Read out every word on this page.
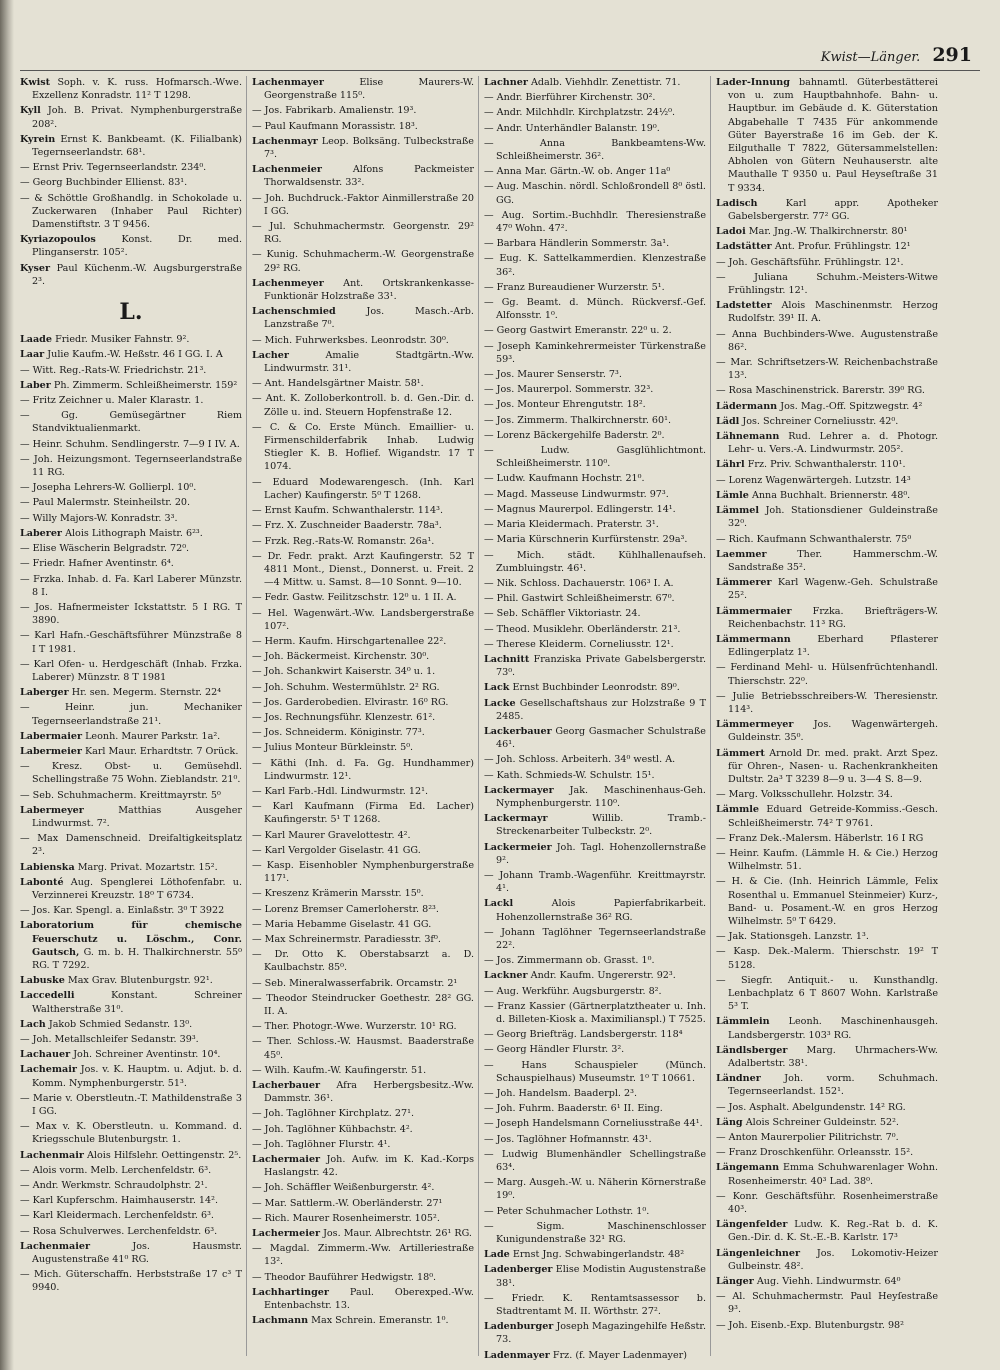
Kwist—Länger. 291
Kwist Soph. v. K. russ. Hofmarsch.-Wwe. Exzellenz Konradstr. 11² T 1298.
Kyll Joh. B. Privat. Nymphenburgerstraße 208².
Kyrein Ernst K. Bankbeamt. (K. Filialbank) Tegernseerlandstr. 68¹.
— Ernst Priv. Tegernseerlandstr. 234⁰.
— Georg Buchbinder Ellienst. 83¹.
— & Schöttle Großhandlg. in Schokolade u. Zuckerwaren (Inhaber Paul Richter) Damenstiftstr. 3 T 9456.
Kyriazopoulos	Konst. Dr. med. Plinganserstr. 105².
Kyser Paul Küchenm.-W. Augsburgerstraße 2³.
L.
Laade Friedr. Musiker Fahnstr. 9².
Laar Julie Kaufm.-W. Heßstr. 46 I GG. I. A
— Witt. Reg.-Rats-W. Friedrichstr. 21³.
Laber Ph. Zimmerm. Schleißheimerstr. 159²
— Fritz Zeichner u. Maler Klarastr. 1.
— Gg. Gemüsegärtner Riem Standviktualienmarkt.
— Heinr. Schuhm. Sendlingerstr. 7—9 I IV. A.
— Joh. Heizungsmont. Tegernseerlandstraße 11 RG.
— Josepha Lehrers-W. Gollierpl. 10⁰.
— Paul Malermstr. Steinheilstr. 20.
— Willy Majors-W. Konradstr. 3³.
Laberer Alois Lithograph Maistr. 6²³.
— Elise Wäscherin Belgradstr. 72⁰.
— Friedr. Hafner Aventinstr. 6⁴.
— Frzka. Inhab. d. Fa. Karl Laberer Münzstr. 8 I.
— Jos. Hafnermeister Ickstattstr. 5 I RG. T 3890.
— Karl Hafn.-Geschäftsführer Münzstraße 8 I T 1981.
— Karl Ofen- u. Herdgeschäft (Inhab. Frzka. Laberer) Münzstr. 8 T 1981
Laberger Hr. sen. Megerm. Sternstr. 22⁴
— Heinr. jun. Mechaniker Tegernseerlandstraße 21¹.
Labermaier Leonh. Maurer Parkstr. 1a².
Labermeier Karl Maur. Erhardtstr. 7 Orück.
— Kresz. Obst- u. Gemüsehdl. Schellingstraße 75 Wohn. Zieblandstr. 21⁰.
— Seb. Schuhmacherm. Kreittmayrstr. 5⁰
Labermeyer	Matthias Ausgeher Lindwurmst. 7².
— Max Damenschneid. Dreifaltigkeitsplatz 2³.
Labienska Marg. Privat. Mozartstr. 15².
Labonté Aug. Spenglerei Löthofenfabr. u. Verzinnerei Kreuzstr. 18⁰ T 6734.
— Jos. Kar. Spengl. a. Einlaßstr. 3⁰ T 3922
Laboratorium für chemische Feuerschutz u. Löschm., Conr. Gautsch, G. m. b. H. Thalkirchnerstr. 55⁰ RG. T 7292.
Labuske Max Grav. Blutenburgstr. 92¹.
Laccedelli	Konstant. Schreiner Waltherstraße 31⁰.
Lach Jakob Schmied Sedanstr. 13⁰.
— Joh. Metallschleifer Sedanstr. 39³.
Lachauer Joh. Schreiner Aventinstr. 10⁴.
Lachemair Jos. v. K. Hauptm. u. Adjut. b. d. Komm. Nymphenburgerstr. 51³.
— Marie v. Oberstleutn.-T. Mathildenstraße 3 I GG.
— Max v. K. Oberstleutn. u. Kommand. d. Kriegsschule Blutenburgstr. 1.
Lachenmair Alois Hilfslehr. Oettingenstr. 2⁵.
— Alois vorm. Melb. Lerchenfeldstr. 6³.
— Andr. Werkmstr. Schraudolphstr. 2¹.
— Karl Kupferschm. Haimhauserstr. 14².
— Karl Kleidermach. Lerchenfeldstr. 6³.
— Rosa Schulverwes. Lerchenfeldstr. 6³.
Lachenmaier	Jos. Hausmstr. Augustenstraße 41⁰ RG.
— Mich. Güterschaffn. Herbststraße 17 c³ T 9940.
Lachenmayer	Elise Maurers-W. Georgenstraße 115⁰.
— Jos. Fabrikarb. Amalienstr. 19³.
— Paul Kaufmann Morassistr. 18³.
Lachenmayr Leop. Bolksäng. Tulbeckstraße 7³.
Lachenmeier	Alfons Packmeister Thorwaldsenstr. 33².
— Joh. Buchdruck.-Faktor Ainmillerstraße 20 I GG.
— Jul. Schuhmachermstr. Georgenstr. 29² RG.
— Kunig. Schuhmacherm.-W. Georgenstraße 29² RG.
Lachenmeyer Ant. Ortskrankenkasse-Funktionär Holzstraße 33¹.
Lachenschmied	Jos. Masch.-Arb. Lanzstraße 7⁰.
— Mich. Fuhrwerksbes. Leonrodstr. 30⁰.
Lacher	Amalie Stadtgärtn.-Ww. Lindwurmstr. 31¹.
— Ant. Handelsgärtner Maistr. 58¹.
— Ant. K. Zolloberkontroll. b. d. Gen.-Dir. d. Zölle u. ind. Steuern Hopfenstraße 12.
— C. & Co. Erste Münch. Emaillier- u. Firmenschilderfabrik Inhab. Ludwig Stiegler K. B. Hoflief. Wigandstr. 17 T 1074.
— Eduard Modewarengesch. (Inh. Karl Lacher) Kaufingerstr. 5⁰ T 1268.
— Ernst Kaufm. Schwanthalerstr. 114³.
— Frz. X. Zuschneider Baaderstr. 78a³.
— Frzk. Reg.-Rats-W. Romanstr. 26a¹.
— Dr. Fedr. prakt. Arzt Kaufingerstr. 52 T 4811 Mont., Dienst., Donnerst. u. Freit. 2—4 Mittw. u. Samst. 8—10 Sonnt. 9—10.
— Fedr. Gastw. Feilitzschstr. 12⁰ u. 1 II. A.
— Hel. Wagenwärt.-Ww. Landsbergerstraße 107².
— Herm. Kaufm. Hirschgartenallee 22².
— Joh. Bäckermeist. Kirchenstr. 30⁰.
— Joh. Schankwirt Kaiserstr. 34⁰ u. 1.
— Joh. Schuhm. Westermühlstr. 2² RG.
— Jos. Garderobedien. Elvirastr. 16⁰ RG.
— Jos. Rechnungsführ. Klenzestr. 61².
— Jos. Schneiderm. Königinstr. 77³.
— Julius Monteur Bürkleinstr. 5⁰.
— Käthi (Inh. d. Fa. Gg. Hundhammer) Lindwurmstr. 12¹.
— Karl Farb.-Hdl. Lindwurmstr. 12¹.
— Karl Kaufmann (Firma Ed. Lacher) Kaufingerstr. 5¹ T 1268.
— Karl Maurer Gravelottestr. 4².
— Karl Vergolder Giselastr. 41 GG.
— Kasp. Eisenhobler Nymphenburgerstraße 117¹.
— Kreszenz Krämerin Marsstr. 15⁰.
— Lorenz Bremser Camerloherstr. 8²³.
— Maria Hebamme Giselastr. 41 GG.
— Max Schreinermstr. Paradiesstr. 3f⁰.
— Dr. Otto K. Oberstabsarzt a. D. Kaulbachstr. 85⁰.
— Seb. Mineralwasserfabrik. Orcamstr. 2¹
— Theodor Steindrucker Goethestr. 28² GG. II. A.
— Ther. Photogr.-Wwe. Wurzerstr. 10¹ RG.
— Ther. Schloss.-W. Hausmst. Baaderstraße 45⁰.
— Wilh. Kaufm.-W. Kaufingerstr. 51.
Lacherbauer Afra Herbergsbesitz.-Ww. Dammstr. 36¹.
— Joh. Taglöhner Kirchplatz. 27¹.
— Joh. Taglöhner Kühbachstr. 4².
— Joh. Taglöhner Flurstr. 4¹.
Lachermaier Joh. Aufw. im K. Kad.-Korps Haslangstr. 42.
— Joh. Schäffler Weißenburgerstr. 4².
— Mar. Sattlerm.-W. Oberländerstr. 27¹
— Rich. Maurer Rosenheimerstr. 105².
Lachermeier Jos. Maur. Albrechtstr. 26¹ RG.
— Magdal. Zimmerm.-Ww. Artilleriestraße 13².
— Theodor Bauführer Hedwigstr. 18⁰.
Lachhartinger Paul. Oberexped.-Ww. Entenbachstr. 13.
Lachmann Max Schrein. Emeranstr. 1⁰.
Lachner Adalb. Viehhdlr. Zenettistr. 71.
— Andr. Bierführer Kirchenstr. 30².
— Andr. Milchhdlr. Kirchplatzstr. 24½⁰.
— Andr. Unterhändler Balanstr. 19⁰.
— Anna Bankbeamtens-Ww. Schleißheimerstr. 36².
— Anna Mar. Gärtn.-W. ob. Anger 11a⁰
— Aug. Maschin. nördl. Schloßrondell 8⁰ östl. GG.
— Aug. Sortim.-Buchhdlr. Theresienstraße 47⁰ Wohn. 47².
— Barbara Händlerin Sommerstr. 3a¹.
— Eug. K. Sattelkammerdien. Klenzestraße 36².
— Franz Bureaudiener Wurzerstr. 5¹.
— Gg. Beamt. d. Münch. Rückversf.-Gef. Alfonsstr. 1⁰.
— Georg Gastwirt Emeranstr. 22⁰ u. 2.
— Joseph Kaminkehrermeister Türkenstraße 59³.
— Jos. Maurer Senserstr. 7³.
— Jos. Maurerpol. Sommerstr. 32³.
— Jos. Monteur Ehrengutstr. 18².
— Jos. Zimmerm. Thalkirchnerstr. 60¹.
— Lorenz Bäckergehilfe Baderstr. 2⁰.
— Ludw. Gasglühlichtmont. Schleißheimerstr. 110⁰.
— Ludw. Kaufmann Hochstr. 21⁰.
— Magd. Masseuse Lindwurmstr. 97³.
— Magnus Maurerpol. Edlingerstr. 14¹.
— Maria Kleidermach. Praterstr. 3¹.
— Maria Kürschnerin Kurfürstenstr. 29a³.
— Mich. städt. Kühlhallenaufseh. Zumbluingstr. 46¹.
— Nik. Schloss. Dachauerstr. 106³ I. A.
— Phil. Gastwirt Schleißheimerstr. 67⁰.
— Seb. Schäffler Viktoriastr. 24.
— Theod. Musiklehr. Oberländerstr. 21³.
— Therese Kleiderm. Corneliusstr. 12¹.
Lachnitt Franziska Private Gabelsbergerstr. 73⁰.
Lack Ernst Buchbinder Leonrodstr. 89⁰.
Lacke Gesellschaftshaus zur Holzstraße 9 T 2485.
Lackerbauer Georg Gasmacher Schulstraße 46¹.
— Joh. Schloss. Arbeiterh. 34⁰ westl. A.
— Kath. Schmieds-W. Schulstr. 15¹.
Lackermayer Jak. Maschinenhaus-Geh. Nymphenburgerstr. 110⁰.
Lackermayr	Willib. Tramb.-Streckenarbeiter Tulbeckstr. 2⁰.
Lackermeier Joh. Tagl. Hohenzollernstraße 9².
— Johann Tramb.-Wagenführ. Kreittmayrstr. 4¹.
Lackl	Alois Papierfabrikarbeit. Hohenzollernstraße 36² RG.
— Johann Taglöhner Tegernseerlandstraße 22².
— Jos. Zimmermann ob. Grasst. 1⁰.
Lackner Andr. Kaufm. Ungererstr. 92³.
— Aug. Werkführ. Augsburgerstr. 8².
— Franz Kassier (Gärtnerplatztheater u. Inh. d. Billeten-Kiosk a. Maximilianspl.) T 7525.
— Georg Briefträg. Landsbergerstr. 118⁴
— Georg Händler Flurstr. 3².
— Hans Schauspieler (Münch. Schauspielhaus) Museumstr. 1⁰ T 10661.
— Joh. Handelsm. Baaderpl. 2³.
— Joh. Fuhrm. Baaderstr. 6¹ II. Eing.
— Joseph Handelsmann Corneliusstraße 44¹.
— Jos. Taglöhner Hofmannstr. 43¹.
— Ludwig Blumenhändler Schellingstraße 63⁴.
— Marg. Ausgeh.-W. u. Näherin Körnerstraße 19⁰.
— Peter Schuhmacher Lothstr. 1⁰.
— Sigm. Maschinenschlosser Kunigundenstraße 32¹ RG.
Lade Ernst Jng. Schwabingerlandstr. 48²
Ladenberger Elise Modistin Augustenstraße 38¹.
— Friedr. K. Rentamtsassessor b. Stadtrentamt M. II. Wörthstr. 27².
Ladenburger Joseph Magazingehilfe Heßstr. 73.
Ladenmayer Frz. (f. Mayer Ladenmayer)
Lader-Innung bahnamtl. Güterbestätterei von u. zum Hauptbahnhofe. Bahn- u. Hauptbur. im Gebäude d. K. Güterstation Abgabehalle T 7435 Für ankommende Güter Bayerstraße 16 im Geb. der K. Eilguthalle T 7822, Gütersammelstellen: Abholen von Gütern Neuhauserstr. alte Mauthalle T 9350 u. Paul Heyseſtraße 31 T 9334.
Ladisch	Karl appr. Apotheker Gabelsbergerstr. 77² GG.
Ladoi Mar. Jng.-W. Thalkirchnerstr. 80¹
Ladstätter Ant. Profur. Frühlingstr. 12¹
— Joh. Geschäftsführ. Frühlingstr. 12¹.
— Juliana Schuhm.-Meisters-Witwe Frühlingstr. 12¹.
Ladstetter Alois Maschinenmstr. Herzog Rudolfstr. 39¹ II. A.
— Anna Buchbinders-Wwe. Augustenstraße 86².
— Mar. Schriftsetzers-W. Reichenbachstraße 13³.
— Rosa Maschinenstrick. Barerstr. 39⁰ RG.
Lädermann Jos. Mag.-Off. Spitzwegstr. 4²
Lädl Jos. Schreiner Corneliusstr. 42⁰.
Lähnemann Rud. Lehrer a. d. Photogr. Lehr- u. Vers.-A. Lindwurmstr. 205².
Lährl Frz. Priv. Schwanthalerstr. 110¹.
— Lorenz Wagenwärtergeh. Lutzstr. 14³
Lämle Anna Buchhalt. Briennerstr. 48⁰.
Lämmel Joh. Stationsdiener Guldeinstraße 32⁰.
— Rich. Kaufmann Schwanthalerstr. 75⁰
Laemmer	Ther. Hammerschm.-W. Sandstraße 35².
Lämmerer Karl Wagenw.-Geh. Schulstraße 25².
Lämmermaier Frzka. Briefträgers-W. Reichenbachstr. 11³ RG.
Lämmermann	Eberhard Pflasterer Edlingerplatz 1³.
— Ferdinand Mehl- u. Hülsenfrüchtenhandl. Thierschstr. 22⁰.
— Julie Betriebsschreibers-W. Theresienstr. 114³.
Lämmermeyer Jos. Wagenwärtergeh. Guldeinstr. 35⁰.
Lämmert Arnold Dr. med. prakt. Arzt Spez. für Ohren-, Nasen- u. Rachenkrankheiten Dultstr. 2a³ T 3239 8—9 u. 3—4 S. 8—9.
— Marg. Volksschullehr. Holzstr. 34.
Lämmle Eduard Getreide-Kommiss.-Gesch. Schleißheimerstr. 74² T 9761.
— Franz Dek.-Malersm. Häberlstr. 16 I RG
— Heinr. Kaufm. (Lämmle H. & Cie.) Herzog Wilhelmstr. 51.
— H. & Cie. (Inh. Heinrich Lämmle, Felix Rosenthal u. Emmanuel Steinmeier) Kurz-, Band- u. Posament.-W. en gros Herzog Wilhelmstr. 5⁰ T 6429.
— Jak. Stationsgeh. Lanzstr. 1³.
— Kasp. Dek.-Malerm. Thierschstr. 19² T 5128.
— Siegfr. Antiquit.- u. Kunsthandlg. Lenbachplatz 6 T 8607 Wohn. Karlstraße 5³ T.
Lämmlein Leonh. Maschinenhausgeh. Landsbergerstr. 103³ RG.
Ländlsberger Marg. Uhrmachers-Ww. Adalbertstr. 38¹.
Ländner Joh. vorm. Schuhmach. Tegernseerlandst. 152¹.
— Jos. Asphalt. Abelgundenstr. 14² RG.
Läng Alois Schreiner Guldeinstr. 52².
— Anton Maurerpolier Pilitrichstr. 7⁰.
— Franz Droschkenführ. Orleansstr. 15².
Längemann Emma Schuhwarenlager Wohn. Rosenheimerstr. 40³ Lad. 38⁰.
— Konr. Geschäftsführ. Rosenheimerstraße 40³.
Längenfelder Ludw. K. Reg.-Rat b. d. K. Gen.-Dir. d. K. St.-E.-B. Karlstr. 17³
Längenleichner Jos. Lokomotiv-Heizer Gulbeinstr. 48².
Länger Aug. Viehh. Lindwurmstr. 64⁰
— Al. Schuhmachermstr. Paul Heyſestraße 9³.
— Joh. Eisenb.-Exp. Blutenburgstr. 98²
